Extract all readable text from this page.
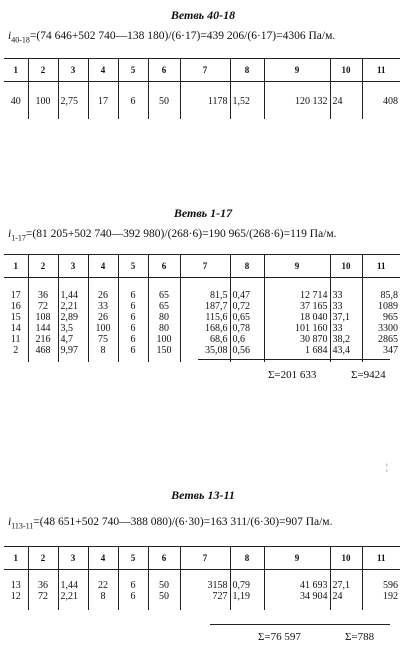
Ветвь 40-18
$i_{40-18}=(74$ 646+502 740—138 180)/(6·17)=439 206/(6·17)=4306 Па/м.
1	2	3	4	5	6	7	8	9	10	11
40	100	2,75	17	6	50	1178	1,52	120 132	24	408
Ветвь 1-17
$i_{1-17}=(81$ 205+502 740—392 980)/(268·6)=190 965/(268·6)=119 Па/м.
1	2	3	4	5	6	7	8	9	10	11
17	36	1,44	26	6	65	81,5	0,47	12 714	33	85,8
16	72	2,21	33	6	65	187,7	0,72	37 165	33	1089
15	108	2,89	26	6	80	115,6	0,65	18 040	37,1	965
14	144	3,5	100	6	80	168,6	0,78	101 160	33	3300
11	216	4,7	75	6	100	68,6	0,6	30 870	38,2	2865
2	468	9,97	8	6	150	35,08	0,56	1 684	43,4	347
Σ=201 633	Σ=9424
¦
Ветвь 13-11
$i_{113-11}=(48$ 651+502 740—388 080)/(6·30)=163 311/(6·30)=907 Па/м.
1	2	3	4	5	6	7	8	9	10	11
13	36	1,44	22	6	50	3158	0,79	41 693	27,1	596
12	72	2,21	8	6	50	727	1,19	34 904	24	192
Σ=76 597	Σ=788
